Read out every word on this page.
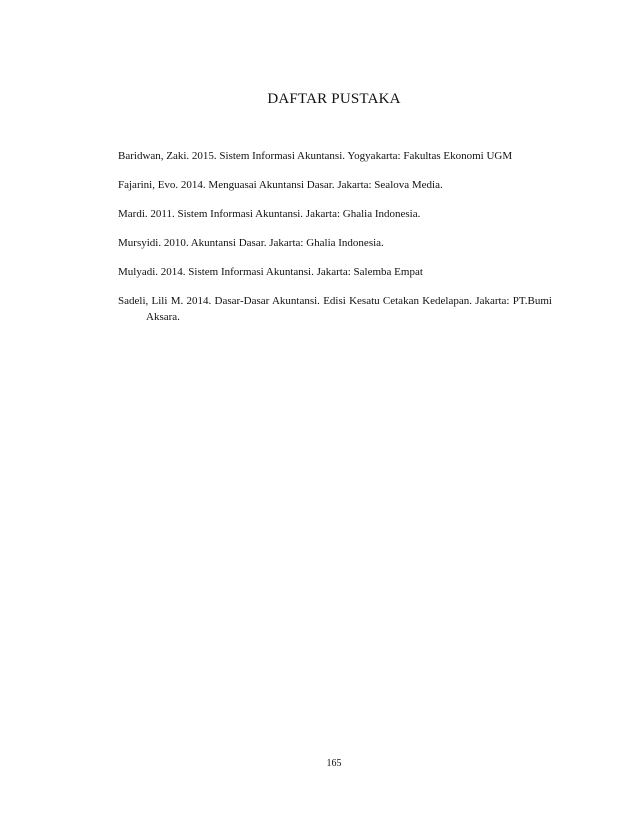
DAFTAR PUSTAKA
Baridwan, Zaki. 2015. Sistem Informasi Akuntansi. Yogyakarta: Fakultas Ekonomi UGM
Fajarini, Evo. 2014. Menguasai Akuntansi Dasar. Jakarta: Sealova Media.
Mardi. 2011. Sistem Informasi Akuntansi. Jakarta: Ghalia Indonesia.
Mursyidi. 2010. Akuntansi Dasar. Jakarta: Ghalia Indonesia.
Mulyadi. 2014. Sistem Informasi Akuntansi. Jakarta: Salemba Empat
Sadeli, Lili M. 2014. Dasar-Dasar Akuntansi. Edisi Kesatu Cetakan Kedelapan. Jakarta: PT.Bumi Aksara.
165
